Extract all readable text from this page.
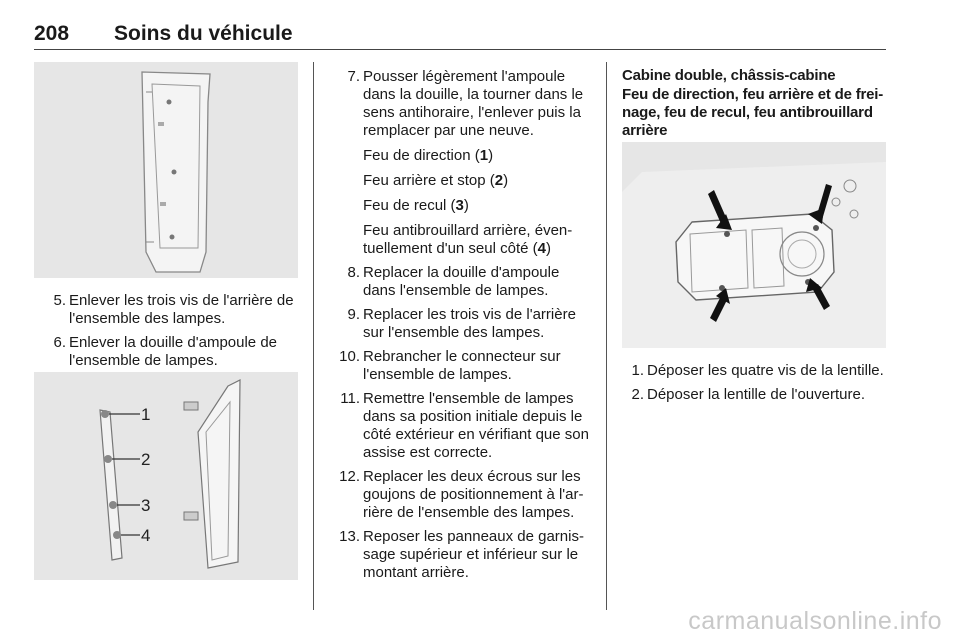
208 Soins du véhicule
5. Enlever les trois vis de l'arrière de l'ensemble des lampes.
6. Enlever la douille d'ampoule de l'ensemble de lampes.
1
2
3
4
7. Pousser légèrement l'ampoule dans la douille, la tourner dans le sens antihoraire, l'enlever puis la remplacer par une neuve.
Feu de direction (1)
Feu arrière et stop (2)
Feu de recul (3)
Feu antibrouillard arrière, éventuellement d'un seul côté (4)
8. Replacer la douille d'ampoule dans l'ensemble de lampes.
9. Replacer les trois vis de l'arrière sur l'ensemble des lampes.
10. Rebrancher le connecteur sur l'ensemble de lampes.
11. Remettre l'ensemble de lampes dans sa position initiale depuis le côté extérieur en vérifiant que son assise est correcte.
12. Replacer les deux écrous sur les goujons de positionnement à l'arrière de l'ensemble des lampes.
13. Reposer les panneaux de garnissage supérieur et inférieur sur le montant arrière.
Cabine double, châssis-cabine
Feu de direction, feu arrière et de freinage, feu de recul, feu antibrouillard arrière
1. Déposer les quatre vis de la lentille.
2. Déposer la lentille de l'ouverture.
carmanualsonline.info
